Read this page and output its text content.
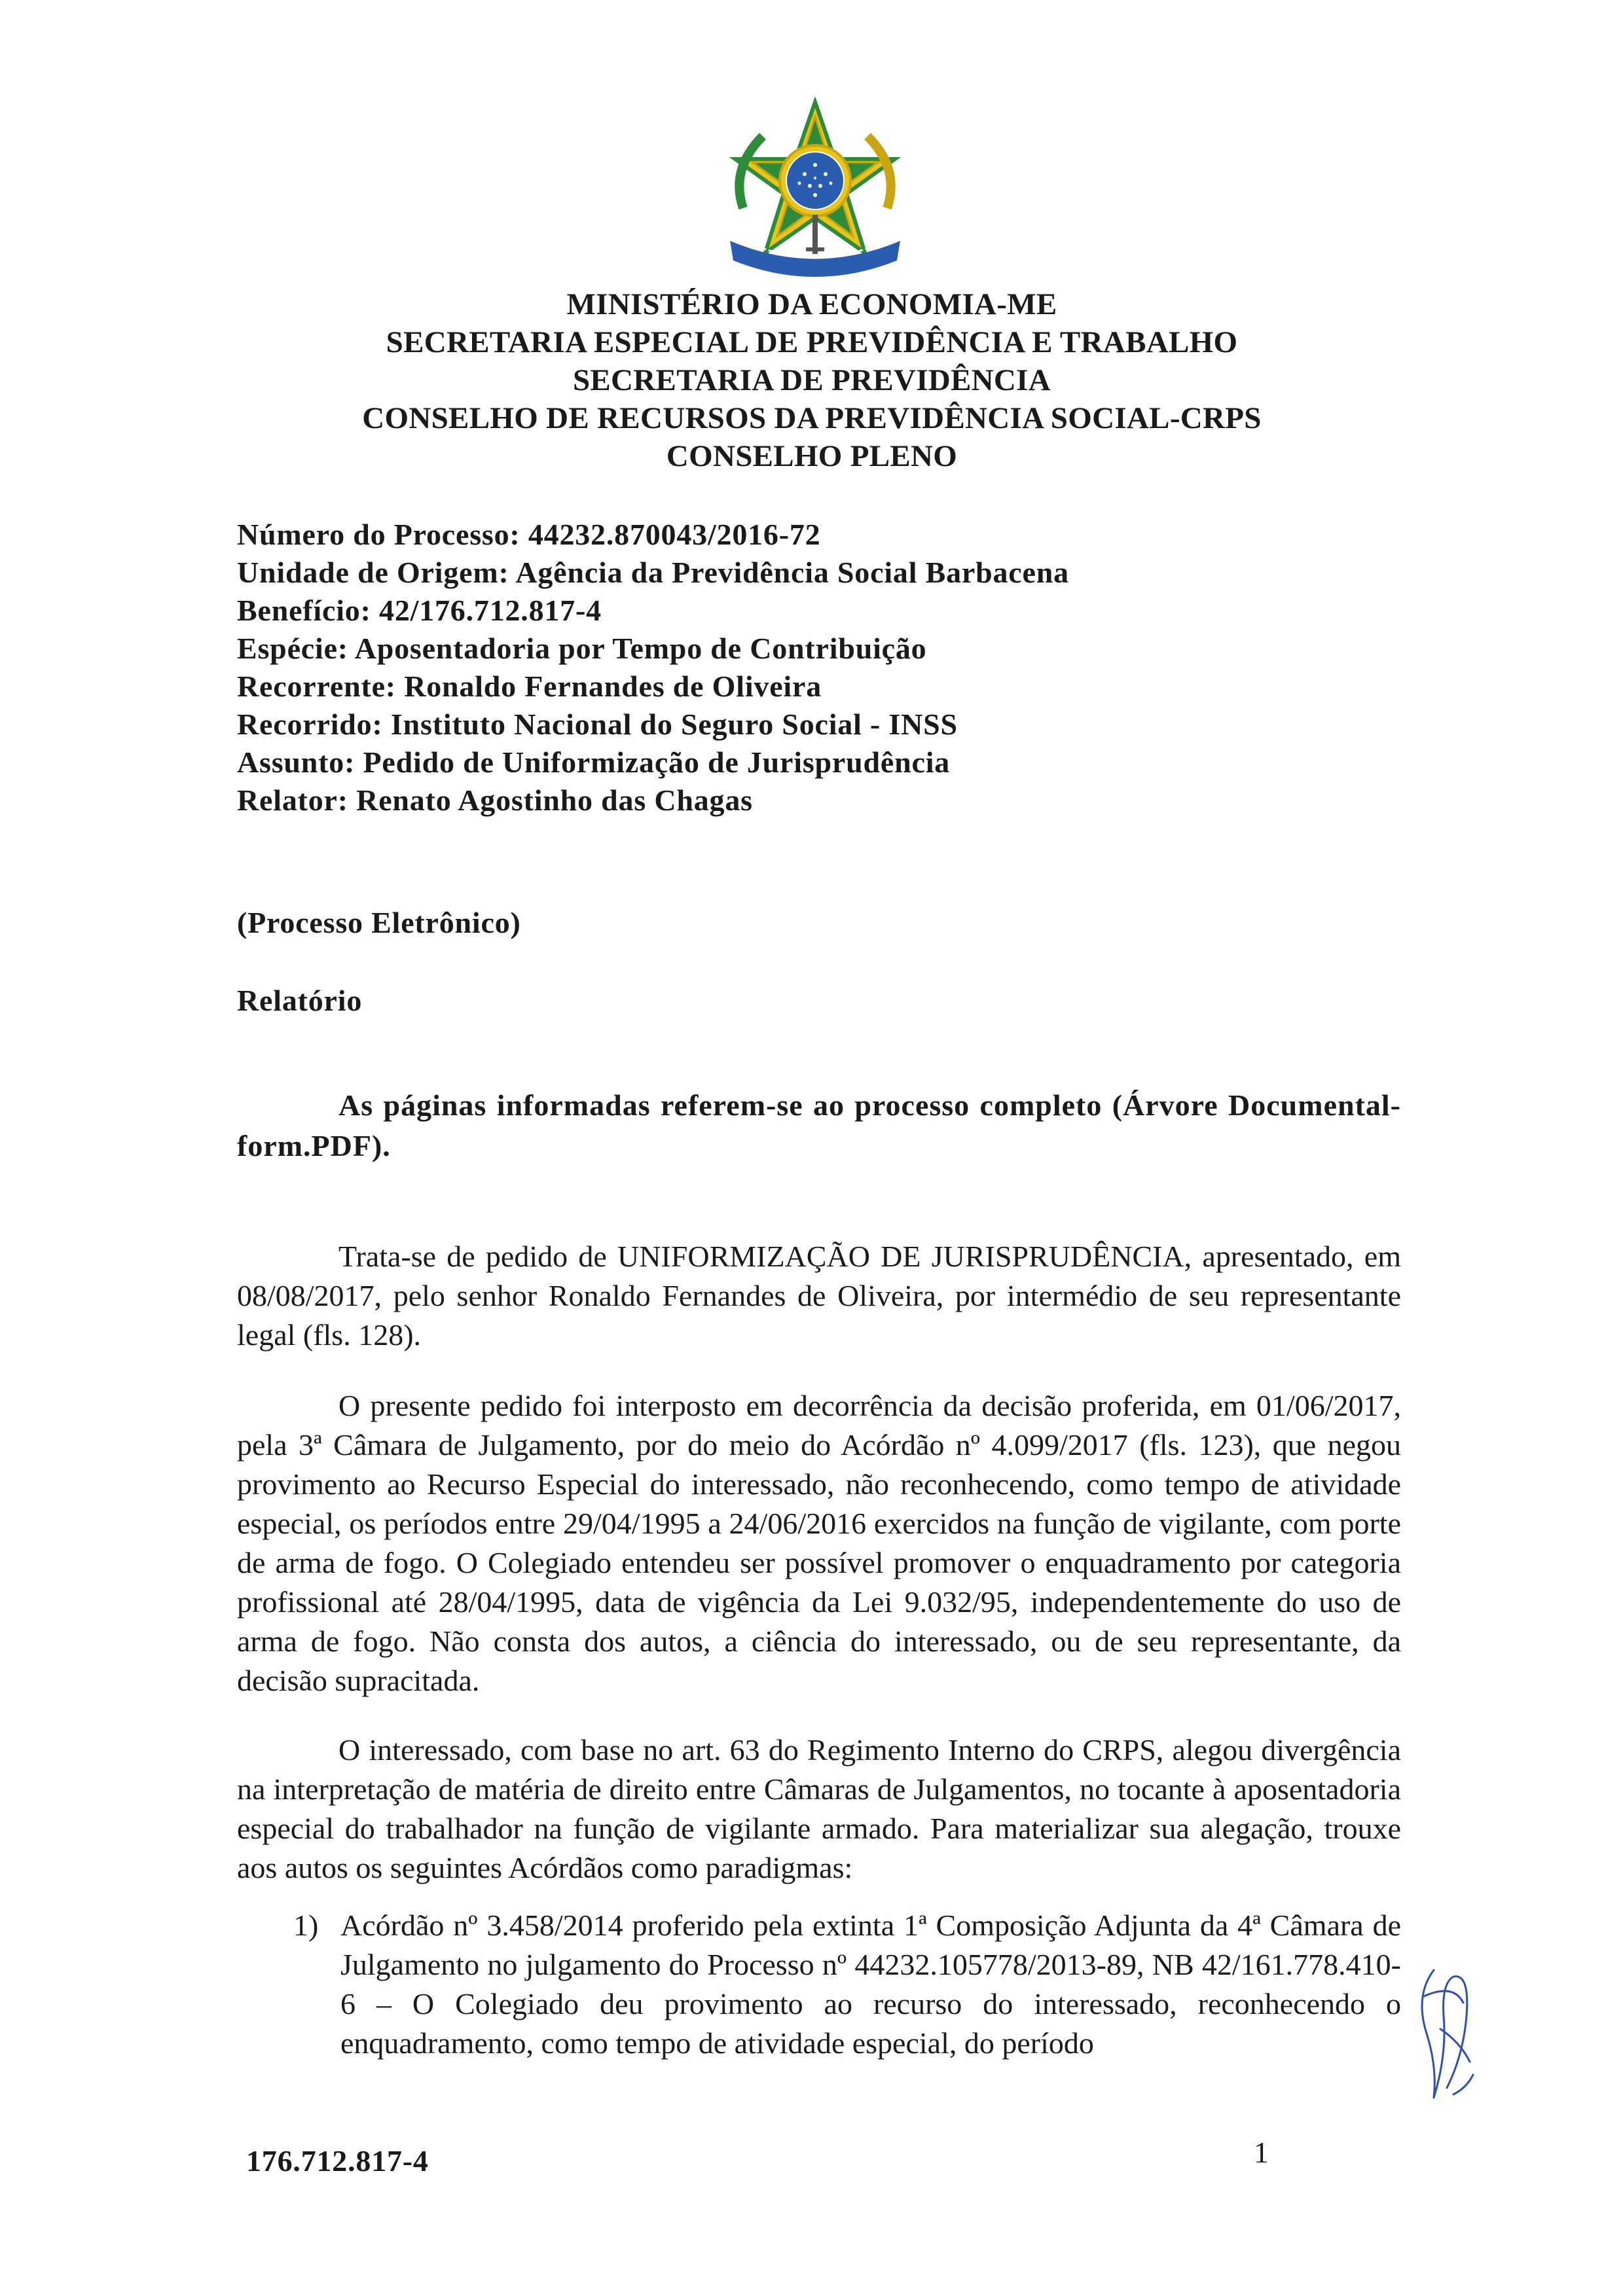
MINISTÉRIO DA ECONOMIA-ME
SECRETARIA ESPECIAL DE PREVIDÊNCIA E TRABALHO
SECRETARIA DE PREVIDÊNCIA
CONSELHO DE RECURSOS DA PREVIDÊNCIA SOCIAL-CRPS
CONSELHO PLENO
Número do Processo: 44232.870043/2016-72
Unidade de Origem: Agência da Previdência Social Barbacena
Benefício: 42/176.712.817-4
Espécie: Aposentadoria por Tempo de Contribuição
Recorrente: Ronaldo Fernandes de Oliveira
Recorrido: Instituto Nacional do Seguro Social - INSS
Assunto: Pedido de Uniformização de Jurisprudência
Relator: Renato Agostinho das Chagas
(Processo Eletrônico)
Relatório
As páginas informadas referem-se ao processo completo (Árvore Documental-form.PDF).
Trata-se de pedido de UNIFORMIZAÇÃO DE JURISPRUDÊNCIA, apresentado, em 08/08/2017, pelo senhor Ronaldo Fernandes de Oliveira, por intermédio de seu representante legal (fls. 128).
O presente pedido foi interposto em decorrência da decisão proferida, em 01/06/2017, pela 3ª Câmara de Julgamento, por do meio do Acórdão nº 4.099/2017 (fls. 123), que negou provimento ao Recurso Especial do interessado, não reconhecendo, como tempo de atividade especial, os períodos entre 29/04/1995 a 24/06/2016 exercidos na função de vigilante, com porte de arma de fogo. O Colegiado entendeu ser possível promover o enquadramento por categoria profissional até 28/04/1995, data de vigência da Lei 9.032/95, independentemente do uso de arma de fogo. Não consta dos autos, a ciência do interessado, ou de seu representante, da decisão supracitada.
O interessado, com base no art. 63 do Regimento Interno do CRPS, alegou divergência na interpretação de matéria de direito entre Câmaras de Julgamentos, no tocante à aposentadoria especial do trabalhador na função de vigilante armado. Para materializar sua alegação, trouxe aos autos os seguintes Acórdãos como paradigmas:
1) Acórdão nº 3.458/2014 proferido pela extinta 1ª Composição Adjunta da 4ª Câmara de Julgamento no julgamento do Processo nº 44232.105778/2013-89, NB 42/161.778.410-6 – O Colegiado deu provimento ao recurso do interessado, reconhecendo o enquadramento, como tempo de atividade especial, do período
176.712.817-4	1
